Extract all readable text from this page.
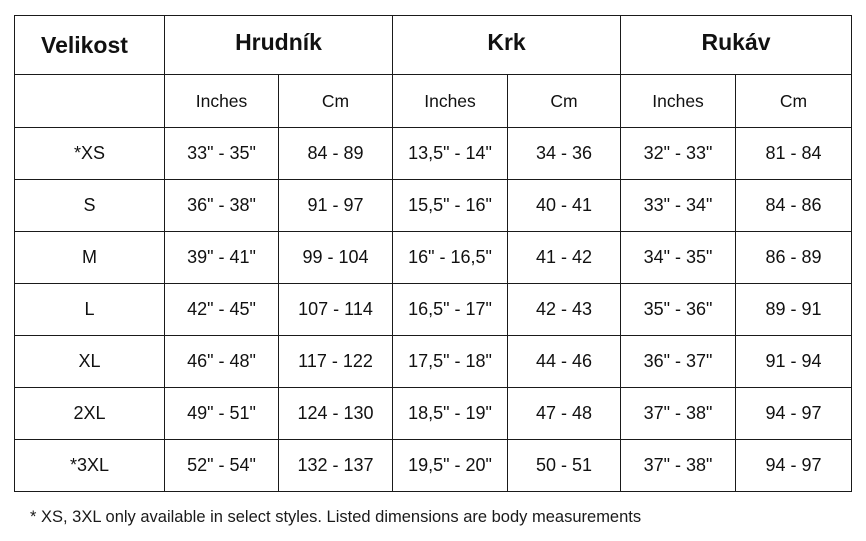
Velikost	Hrudník		Krk		Rukáv	
	Inches	Cm	Inches	Cm	Inches	Cm
*XS	33" - 35"	84 - 89	13,5" - 14"	34 - 36	32" - 33"	81 - 84
S	36" - 38"	91 - 97	15,5" - 16"	40 - 41	33" - 34"	84 - 86
M	39" - 41"	99 - 104	16" - 16,5"	41 - 42	34" - 35"	86 - 89
L	42" - 45"	107 - 114	16,5" - 17"	42 - 43	35" - 36"	89 - 91
XL	46" - 48"	117 - 122	17,5" - 18"	44 - 46	36" - 37"	91 - 94
2XL	49" - 51"	124 - 130	18,5" - 19"	47 - 48	37" - 38"	94 - 97
*3XL	52" - 54"	132 - 137	19,5" - 20"	50 - 51	37" - 38"	94 - 97
* XS, 3XL only available in select styles. Listed dimensions are body measurements
